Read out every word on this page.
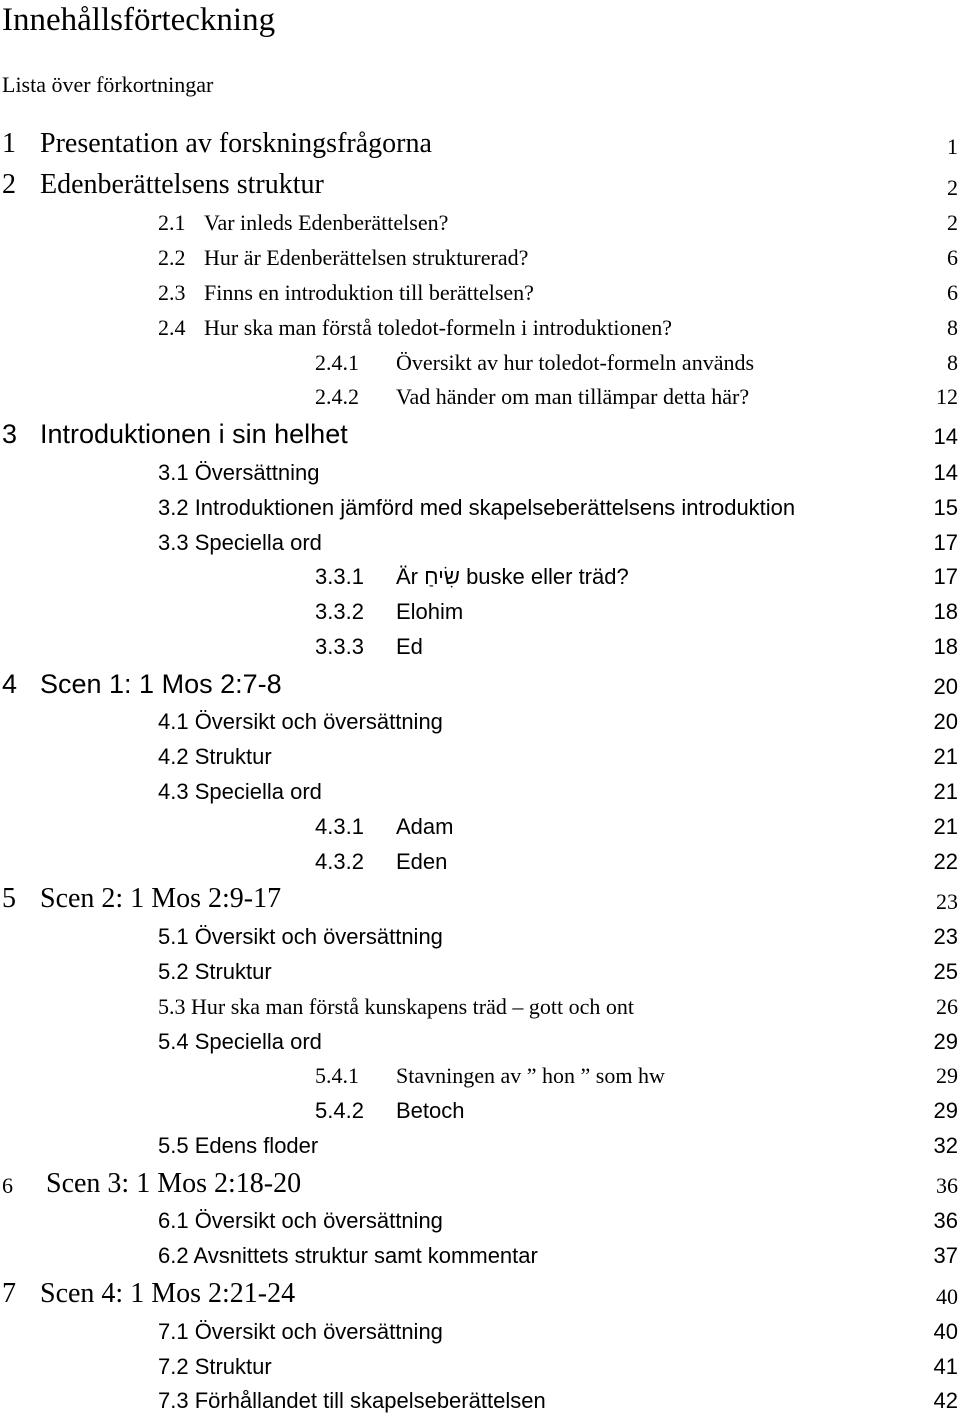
Innehållsförteckning
Lista över förkortningar
1 Presentation av forskningsfrågorna	1
2 Edenberättelsens struktur	2
2.1 Var inleds Edenberättelsen?	2
2.2 Hur är Edenberättelsen strukturerad?	6
2.3 Finns en introduktion till berättelsen?	6
2.4 Hur ska man förstå toledot-formeln i introduktionen?	8
2.4.1 Översikt av hur toledot-formeln används	8
2.4.2 Vad händer om man tillämpar detta här?	12
3 Introduktionen i sin helhet	14
3.1 Översättning	14
3.2 Introduktionen jämförd med skapelseberättelsens introduktion	15
3.3 Speciella ord	17
3.3.1 Är שִׂיחַ buske eller träd?	17
3.3.2 Elohim	18
3.3.3 Ed	18
4 Scen 1: 1 Mos 2:7-8	20
4.1 Översikt och översättning	20
4.2 Struktur	21
4.3 Speciella ord	21
4.3.1 Adam	21
4.3.2 Eden	22
5 Scen 2: 1 Mos 2:9-17	23
5.1 Översikt och översättning	23
5.2 Struktur	25
5.3 Hur ska man förstå kunskapens träd – gott och ont	26
5.4 Speciella ord	29
5.4.1 Stavningen av ” hon ” som hw	29
5.4.2 Betoch	29
5.5 Edens floder	32
6 Scen 3: 1 Mos 2:18-20	36
6.1 Översikt och översättning	36
6.2 Avsnittets struktur samt kommentar	37
7 Scen 4: 1 Mos 2:21-24	40
7.1 Översikt och översättning	40
7.2 Struktur	41
7.3 Förhållandet till skapelseberättelsen	42
